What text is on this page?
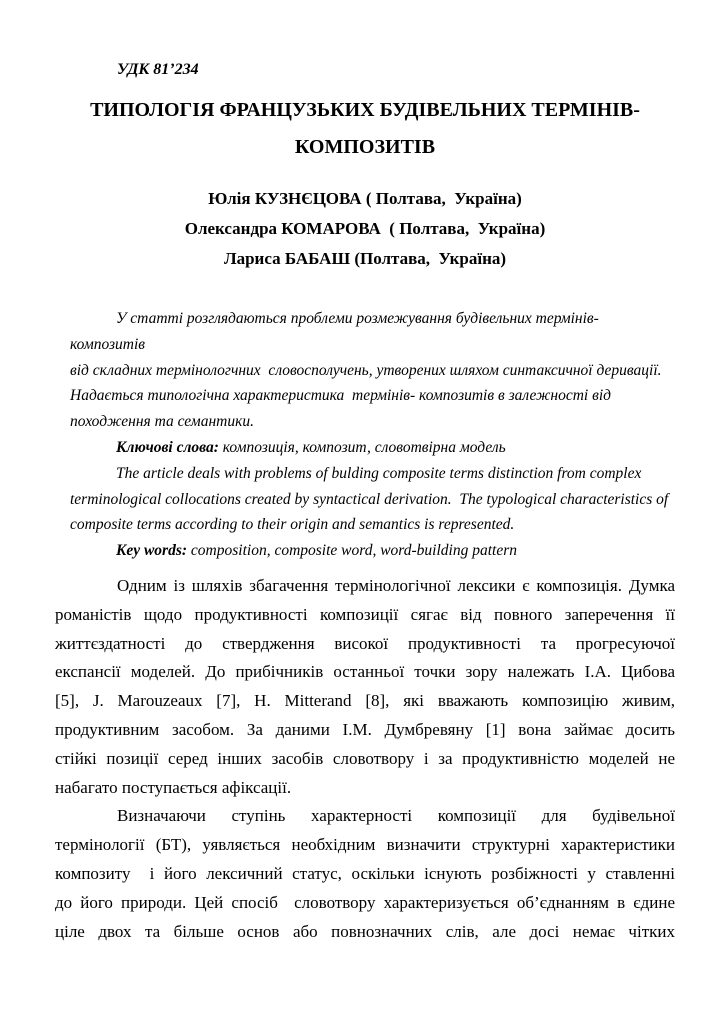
УДК 81’234
ТИПОЛОГІЯ ФРАНЦУЗЬКИХ БУДІВЕЛЬНИХ ТЕРМІНІВ-
КОМПОЗИТІВ
Юлія КУЗНЄЦОВА ( Полтава,  Україна)
Олександра КОМАРОВА  ( Полтава,  Україна)
Лариса БАБАШ (Полтава,  Україна)
У статті розглядаються проблеми розмежування будівельних термінів- композитів
від складних термінологчних  словосполучень, утворених шляхом синтаксичної деривації.
Надається типологічна характеристика  термінів- композитів в залежності від
походження та семантики.
Ключові слова: композиція, композит, словотвірна модель
The article deals with problems of bulding composite terms distinction from complex
terminological collocations created by syntactical derivation.  The typological characteristics of
composite terms according to their origin and semantics is represented.
Key words: composition, composite word, word-building pattern
Одним із шляхів збагачення термінологічної лексики є композиція. Думка
романістів щодо продуктивності композиції сягає від повного заперечення її
життєздатності до ствердження високої продуктивності та прогресуючої
експансії моделей. До прибічників останньої точки зору належать І.А. Цибова
[5], J. Marouzeaux [7], H. Mitterand [8], які вважають композицію живим,
продуктивним засобом. За даними І.М. Думбревяну [1] вона займає досить
стійкі позиції серед інших засобів словотвору і за продуктивністю моделей не
набагато поступається афіксації.
Визначаючи ступінь характерності композиції для будівельної
термінології (БТ), уявляється необхідним визначити структурні характеристики
композиту  і його лексичний статус, оскільки існують розбіжності у ставленні
до його природи. Цей спосіб  словотвору характеризується об’єднанням в єдине
ціле двох та більше основ або повнозначних слів, але досі немає чітких
